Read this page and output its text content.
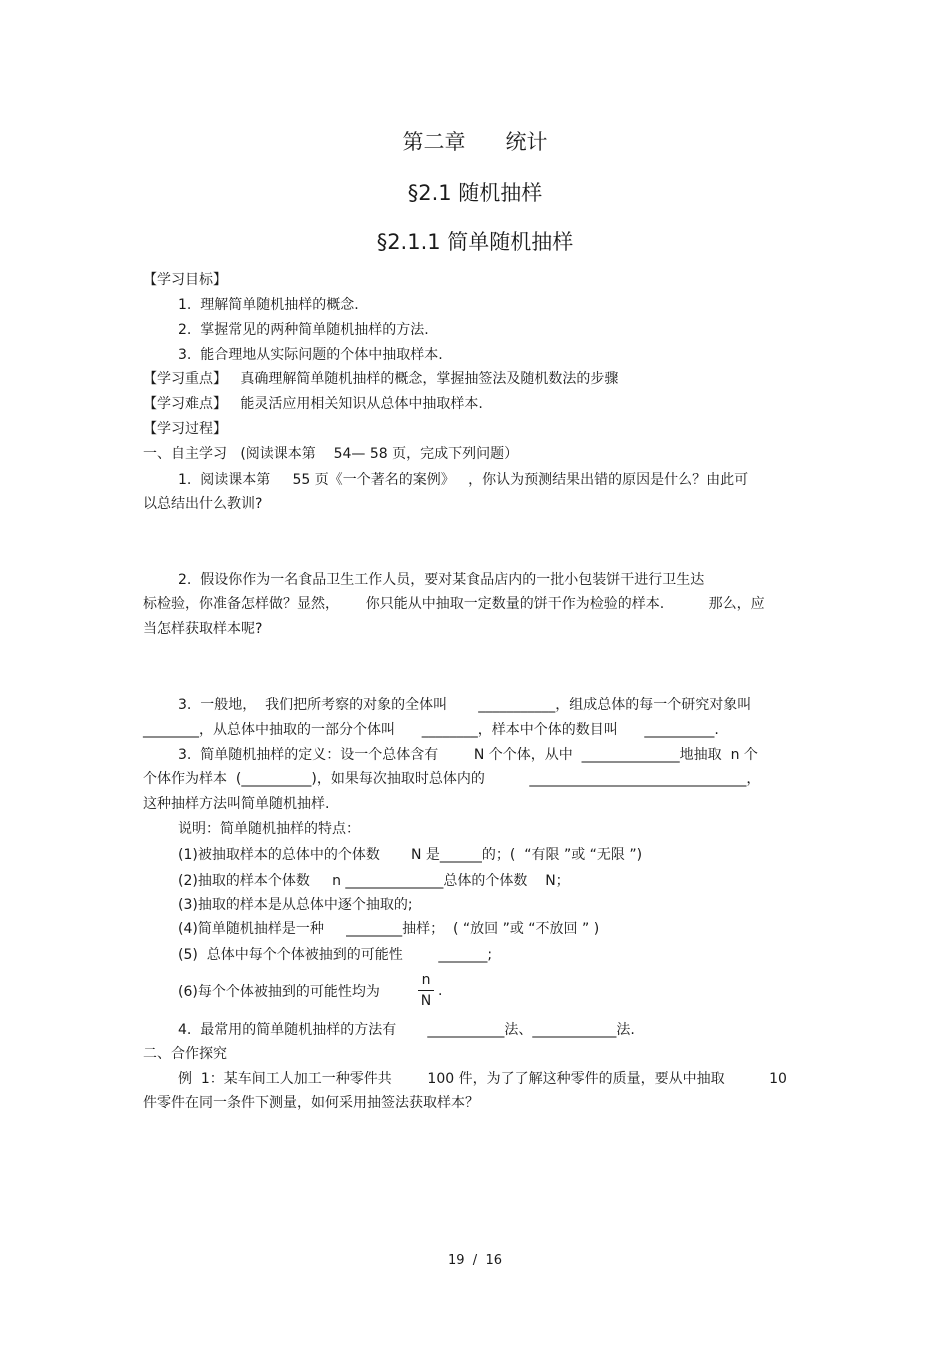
第二章      统计
§2.1 随机抽样
§2.1.1 简单随机抽样
【学习目标】
1.  理解简单随机抽样的概念.
2.  掌握常见的两种简单随机抽样的方法.
3.  能合理地从实际问题的个体中抽取样本.
【学习重点】   真确理解简单随机抽样的概念，掌握抽签法及随机数法的步骤
【学习难点】   能灵活应用相关知识从总体中抽取样本.
【学习过程】
一、自主学习   (阅读课本第    54— 58 页，完成下列问题）
1.  阅读课本第     55 页《一个著名的案例》   ，你认为预测结果出错的原因是什么？由此可
以总结出什么教训?
2.  假设你作为一名食品卫生工作人员，要对某食品店内的一批小包装饼干进行卫生达
标检验，你准备怎样做？显然，      你只能从中抽取一定数量的饼干作为检验的样本.          那么，应
当怎样获取样本呢?
3.  一般地，  我们把所考察的对象的全体叫       ___________，组成总体的每一个研究对象叫
________，从总体中抽取的一部分个体叫      ________，样本中个体的数目叫      __________.
3.  简单随机抽样的定义：设一个总体含有        N 个个体，从中  ______________地抽取  n 个
个体作为样本  (__________)，如果每次抽取时总体内的          _______________________________，
这种抽样方法叫简单随机抽样.
说明：简单随机抽样的特点：
(1)被抽取样本的总体中的个体数       N 是______的；(  “有限 ”或 “无限 ”)
(2)抽取的样本个体数     n ______________总体的个体数    N；
(3)抽取的样本是从总体中逐个抽取的;
(4)简单随机抽样是一种     ________抽样；  ( “放回 ”或 “不放回 ” )
(5)  总体中每个个体被抽到的可能性        _______;
(6)每个个体被抽到的可能性均为
4.  最常用的简单随机抽样的方法有       ___________法、____________法.
二、合作探究
例  1：某车间工人加工一种零件共        100 件，为了了解这种零件的质量，要从中抽取          10
件零件在同一条件下测量，如何采用抽签法获取样本？
n
N
.
19  /  16
